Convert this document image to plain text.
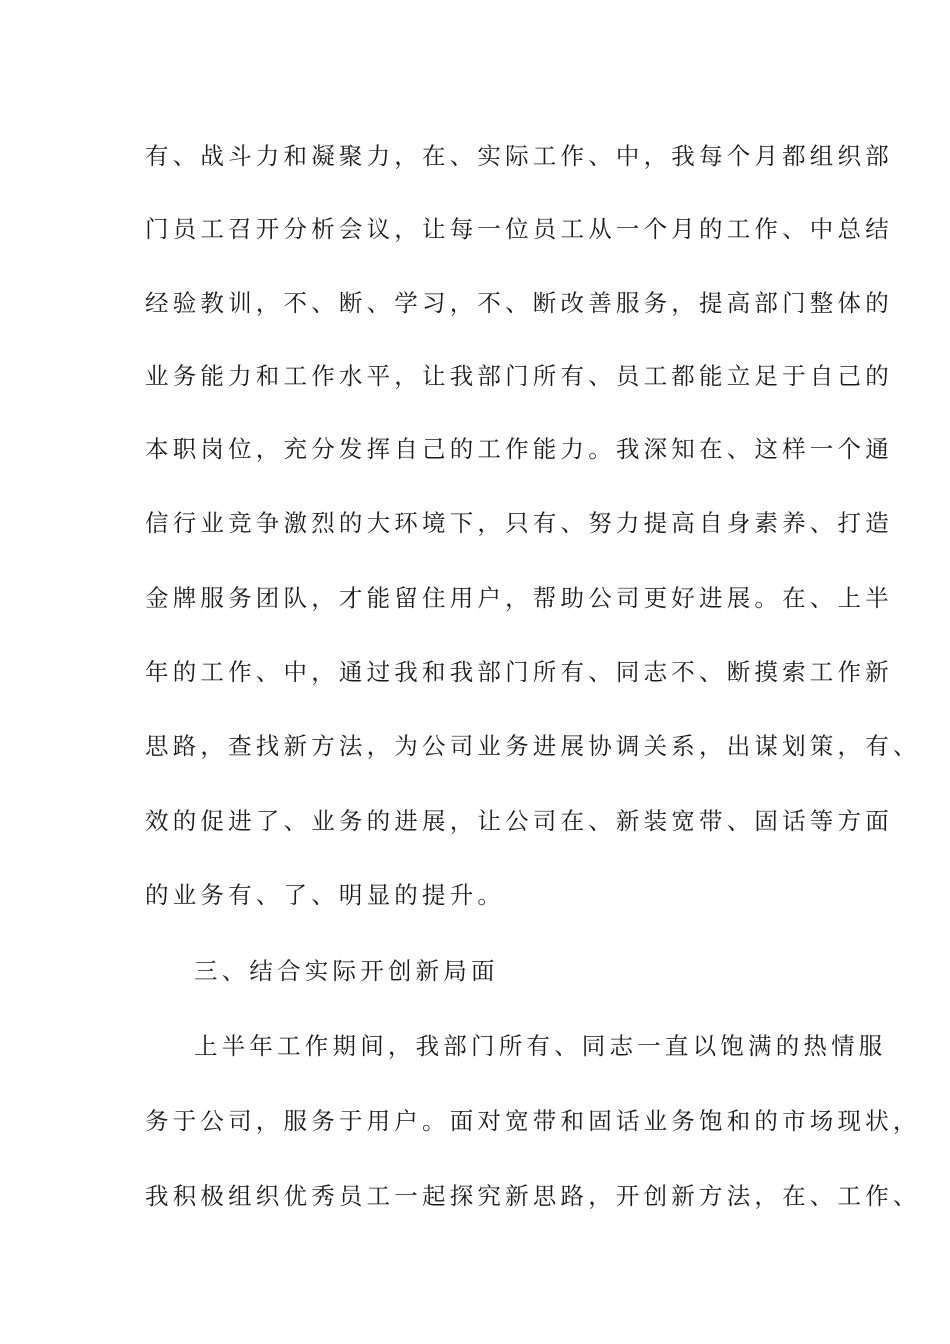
有、战斗力和凝聚力，在、实际工作、中，我每个月都组织部
门员工召开分析会议，让每一位员工从一个月的工作、中总结
经验教训，不、断、学习，不、断改善服务，提高部门整体的
业务能力和工作水平，让我部门所有、员工都能立足于自己的
本职岗位，充分发挥自己的工作能力。我深知在、这样一个通
信行业竞争激烈的大环境下，只有、努力提高自身素养、打造
金牌服务团队，才能留住用户，帮助公司更好进展。在、上半
年的工作、中，通过我和我部门所有、同志不、断摸索工作新
思路，查找新方法，为公司业务进展协调关系，出谋划策，有、
效的促进了、业务的进展，让公司在、新装宽带、固话等方面
的业务有、了、明显的提升。
三、结合实际开创新局面
上半年工作期间，我部门所有、同志一直以饱满的热情服
务于公司，服务于用户。面对宽带和固话业务饱和的市场现状，
我积极组织优秀员工一起探究新思路，开创新方法，在、工作、
